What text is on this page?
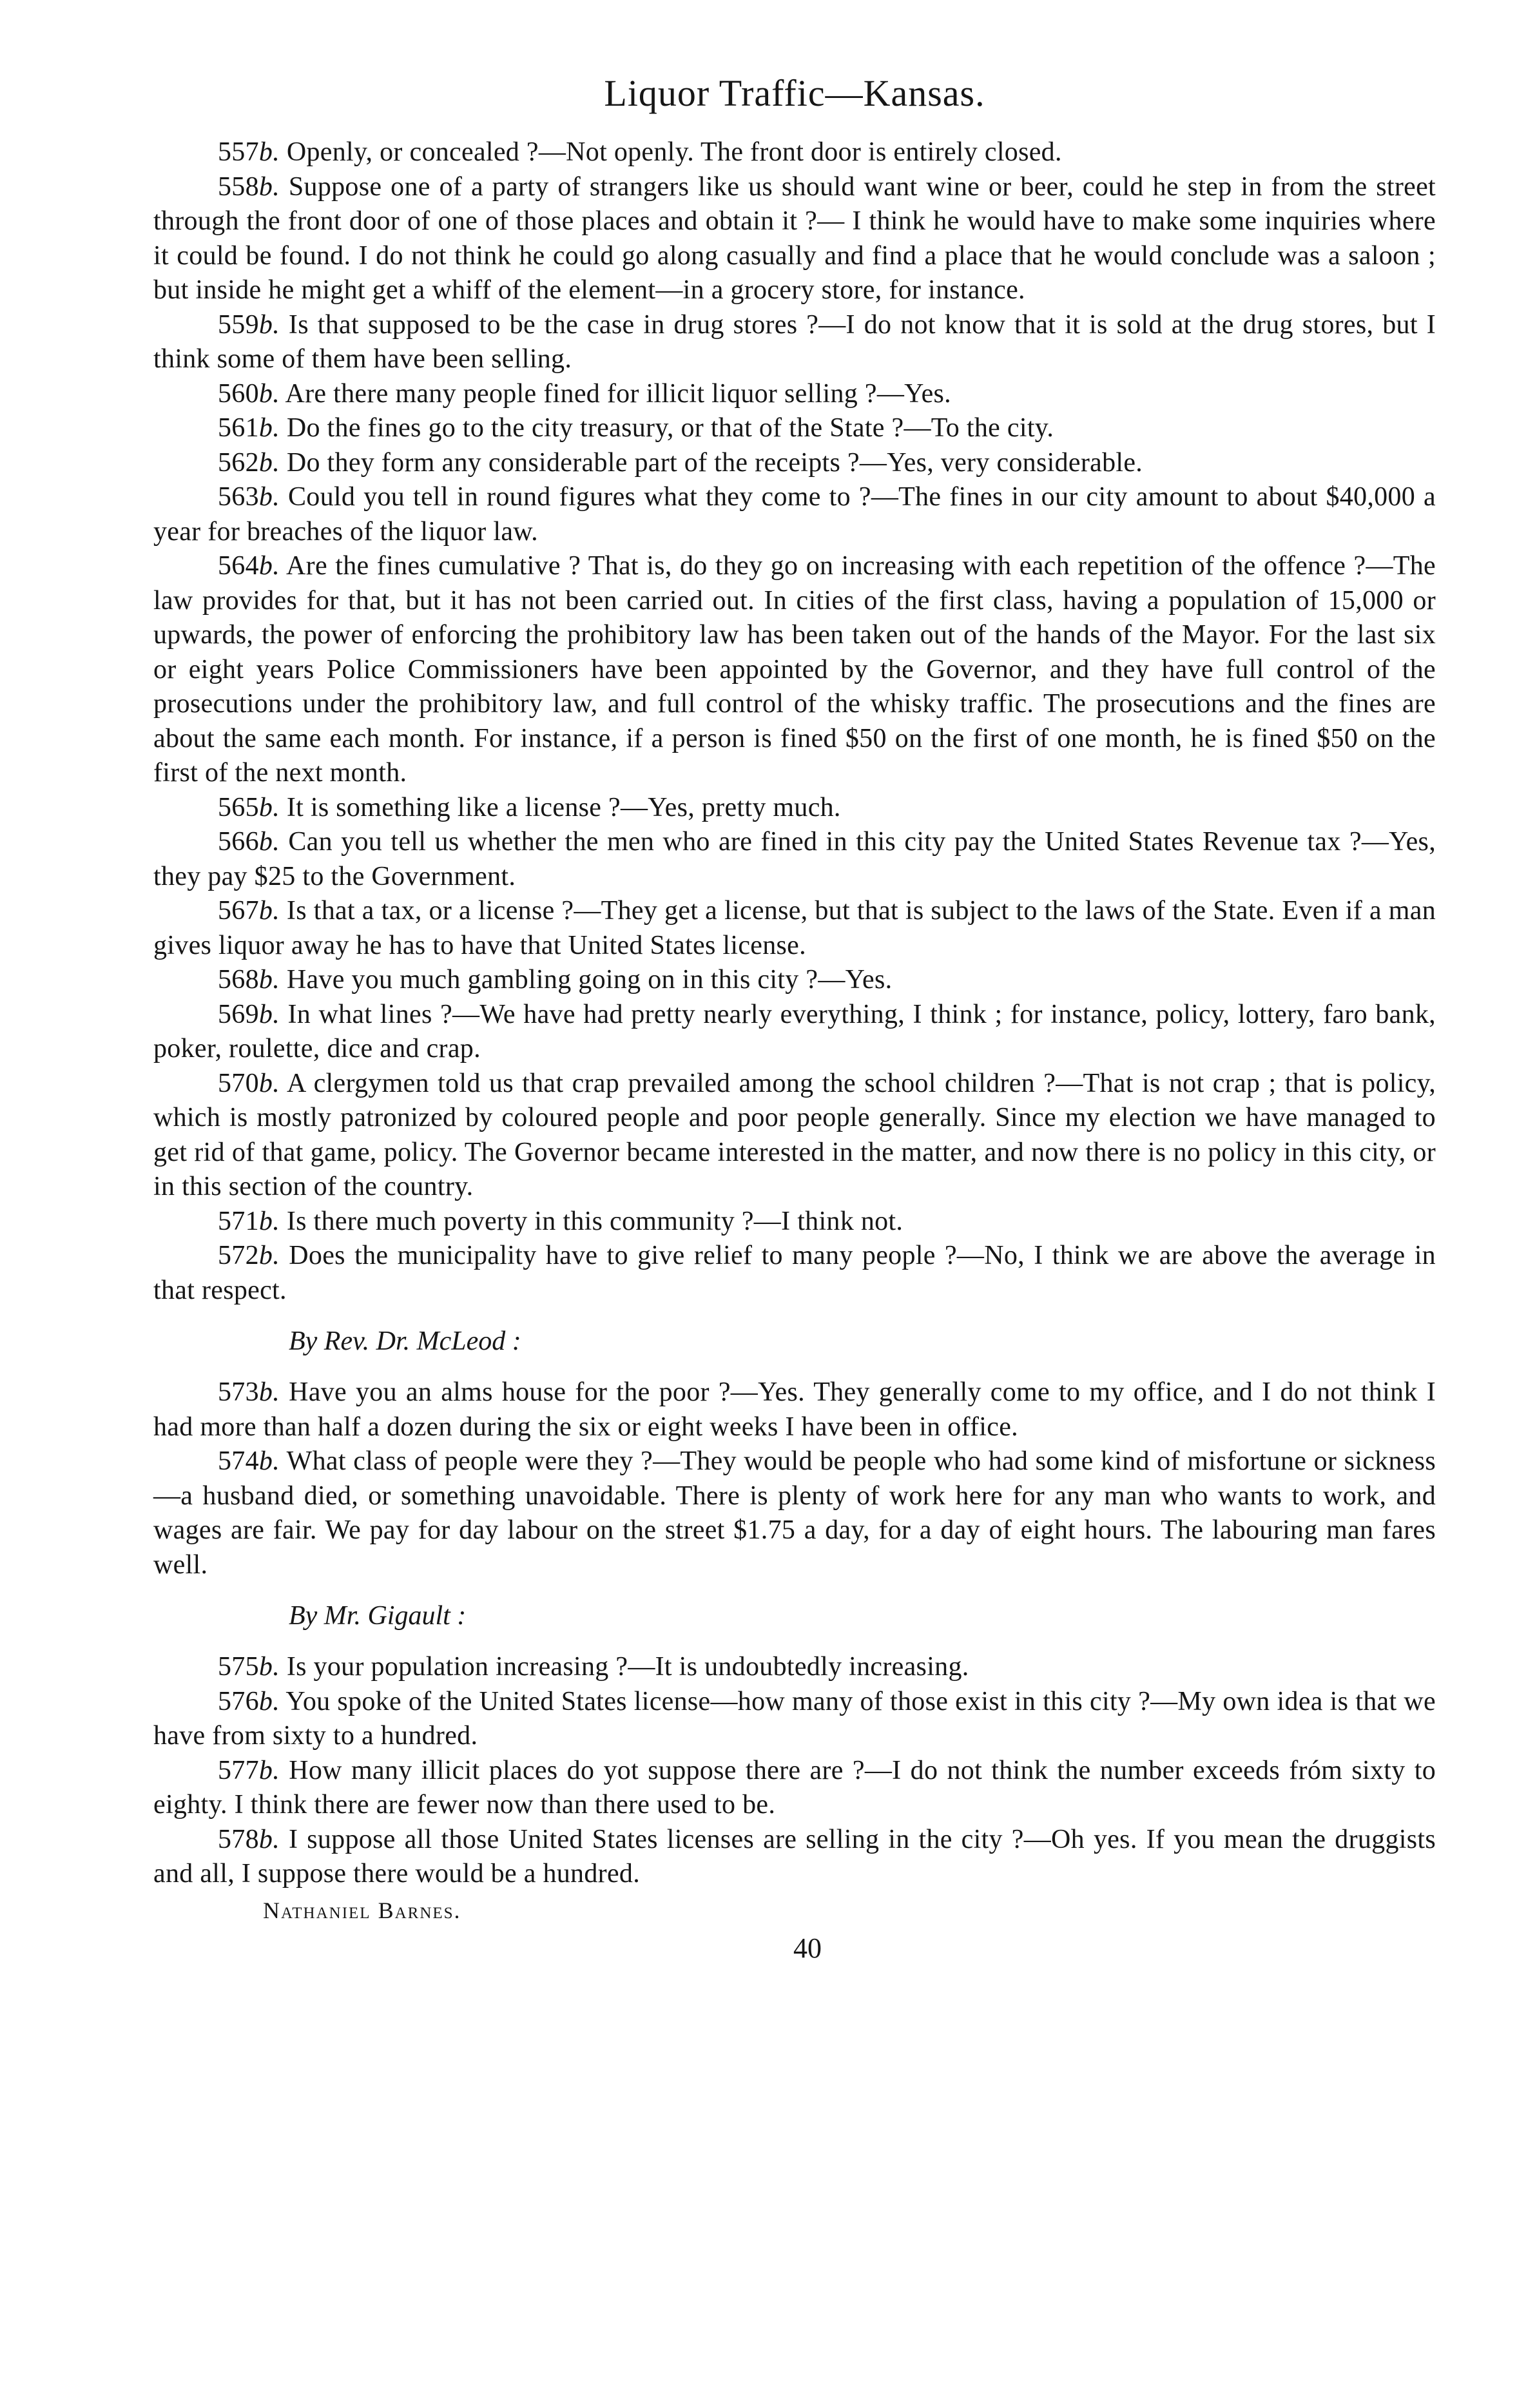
Liquor Traffic—Kansas.

557b. Openly, or concealed ?—Not openly. The front door is entirely closed.

558b. Suppose one of a party of strangers like us should want wine or beer, could he step in from the street through the front door of one of those places and obtain it ?— I think he would have to make some inquiries where it could be found. I do not think he could go along casually and find a place that he would conclude was a saloon ; but inside he might get a whiff of the element—in a grocery store, for instance.

559b. Is that supposed to be the case in drug stores ?—I do not know that it is sold at the drug stores, but I think some of them have been selling.

560b. Are there many people fined for illicit liquor selling ?—Yes.

561b. Do the fines go to the city treasury, or that of the State ?—To the city.

562b. Do they form any considerable part of the receipts ?—Yes, very considerable.

563b. Could you tell in round figures what they come to ?—The fines in our city amount to about $40,000 a year for breaches of the liquor law.

564b. Are the fines cumulative ? That is, do they go on increasing with each repetition of the offence ?—The law provides for that, but it has not been carried out. In cities of the first class, having a population of 15,000 or upwards, the power of enforcing the prohibitory law has been taken out of the hands of the Mayor. For the last six or eight years Police Commissioners have been appointed by the Governor, and they have full control of the prosecutions under the prohibitory law, and full control of the whisky traffic. The prosecutions and the fines are about the same each month. For instance, if a person is fined $50 on the first of one month, he is fined $50 on the first of the next month.

565b. It is something like a license ?—Yes, pretty much.

566b. Can you tell us whether the men who are fined in this city pay the United States Revenue tax ?—Yes, they pay $25 to the Government.

567b. Is that a tax, or a license ?—They get a license, but that is subject to the laws of the State. Even if a man gives liquor away he has to have that United States license.

568b. Have you much gambling going on in this city ?—Yes.

569b. In what lines ?—We have had pretty nearly everything, I think ; for instance, policy, lottery, faro bank, poker, roulette, dice and crap.

570b. A clergymen told us that crap prevailed among the school children ?—That is not crap ; that is policy, which is mostly patronized by coloured people and poor people generally. Since my election we have managed to get rid of that game, policy. The Governor became interested in the matter, and now there is no policy in this city, or in this section of the country.

571b. Is there much poverty in this community ?—I think not.

572b. Does the municipality have to give relief to many people ?—No, I think we are above the average in that respect.

By Rev. Dr. McLeod :

573b. Have you an alms house for the poor ?—Yes. They generally come to my office, and I do not think I had more than half a dozen during the six or eight weeks I have been in office.

574b. What class of people were they ?—They would be people who had some kind of misfortune or sickness—a husband died, or something unavoidable. There is plenty of work here for any man who wants to work, and wages are fair. We pay for day labour on the street $1.75 a day, for a day of eight hours. The labouring man fares well.

By Mr. Gigault :

575b. Is your population increasing ?—It is undoubtedly increasing.

576b. You spoke of the United States license—how many of those exist in this city ?—My own idea is that we have from sixty to a hundred.

577b. How many illicit places do yot suppose there are ?—I do not think the number exceeds fróm sixty to eighty. I think there are fewer now than there used to be.

578b. I suppose all those United States licenses are selling in the city ?—Oh yes. If you mean the druggists and all, I suppose there would be a hundred.

Nathaniel Barnes.
40
